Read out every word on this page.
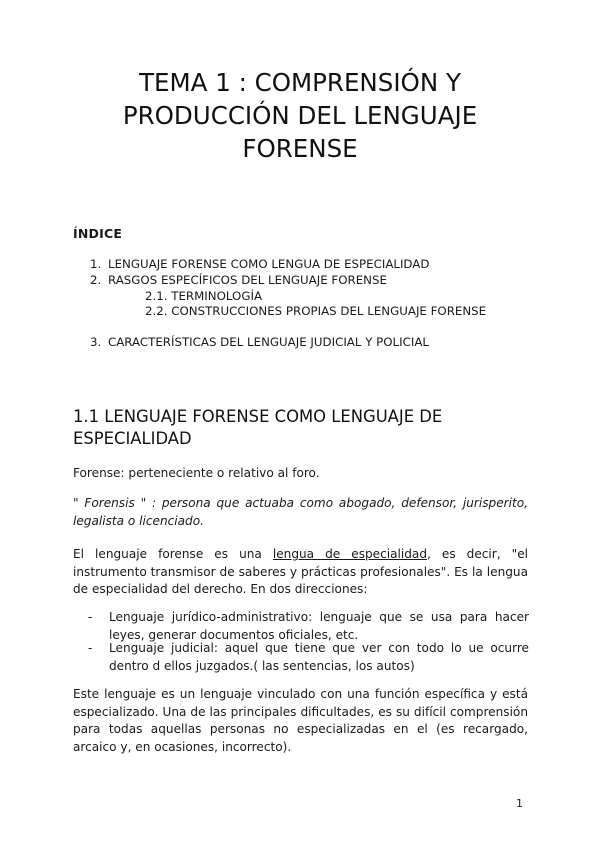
TEMA 1 : COMPRENSIÓN Y
PRODUCCIÓN DEL LENGUAJE
FORENSE
ÍNDICE
1. LENGUAJE FORENSE COMO LENGUA DE ESPECIALIDAD
2. RASGOS ESPECÍFICOS DEL LENGUAJE FORENSE
2.1. TERMINOLOGÍA
2.2. CONSTRUCCIONES PROPIAS DEL LENGUAJE FORENSE
3. CARACTERÍSTICAS DEL LENGUAJE JUDICIAL Y POLICIAL
1.1 LENGUAJE FORENSE COMO LENGUAJE DE
ESPECIALIDAD
Forense: perteneciente o relativo al foro.
" Forensis " : persona que actuaba como abogado, defensor, jurisperito, legalista o licenciado.
El lenguaje forense es una lengua de especialidad, es decir, "el instrumento transmisor de saberes y prácticas profesionales". Es la lengua de especialidad del derecho. En dos direcciones:
- Lenguaje jurídico-administrativo: lenguaje que se usa para hacer leyes, generar documentos oficiales, etc.
- Lenguaje judicial: aquel que tiene que ver con todo lo ue ocurre dentro d ellos juzgados.( las sentencias, los autos)
Este lenguaje es un lenguaje vinculado con una función específica y está especializado. Una de las principales dificultades, es su difícil comprensión para todas aquellas personas no especializadas en el (es recargado, arcaico y, en ocasiones, incorrecto).
1
